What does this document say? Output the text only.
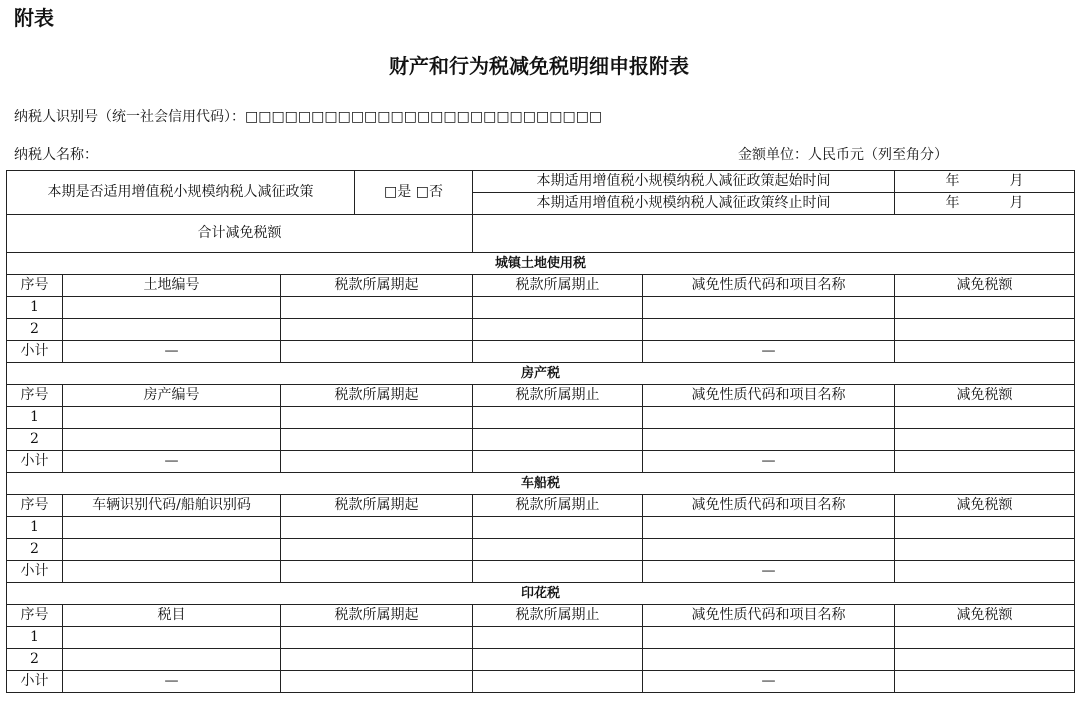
附表
财产和行为税减免税明细申报附表
纳税人识别号（统一社会信用代码）：□□□□□□□□□□□□□□□□□□□□□□□□□□□
纳税人名称：	金额单位：人民币元（列至角分）
本期是否适用增值税小规模纳税人减征政策			□是 □否	本期适用增值税小规模纳税人减征政策起始时间		年 月
				本期适用增值税小规模纳税人减征政策终止时间		年 月
合计减免税额						
城镇土地使用税						
序号	土地编号	税款所属期起		税款所属期止	减免性质代码和项目名称	减免税额
1						
2						
小计	—				—	
房产税						
序号	房产编号	税款所属期起		税款所属期止	减免性质代码和项目名称	减免税额
1						
2						
小计	—				—	
车船税						
序号	车辆识别代码/船舶识别码	税款所属期起		税款所属期止	减免性质代码和项目名称	减免税额
1						
2						
小计					—	
印花税						
序号	税目	税款所属期起		税款所属期止	减免性质代码和项目名称	减免税额
1						
2						
小计	—				—	
